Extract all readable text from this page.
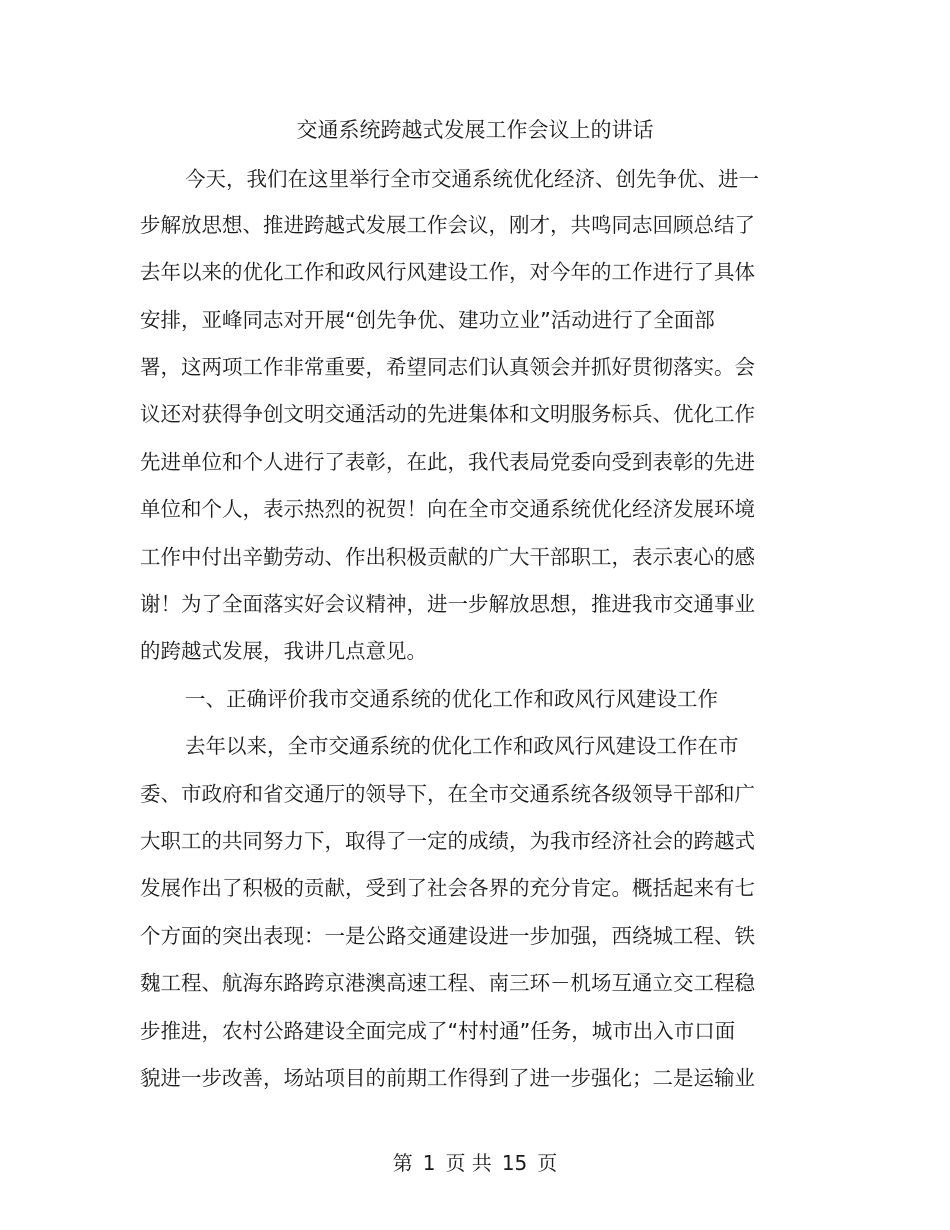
交通系统跨越式发展工作会议上的讲话

今天，我们在这里举行全市交通系统优化经济、创先争优、进一

步解放思想、推进跨越式发展工作会议，刚才，共鸣同志回顾总结了

去年以来的优化工作和政风行风建设工作，对今年的工作进行了具体

安排，亚峰同志对开展“创先争优、建功立业”活动进行了全面部

署，这两项工作非常重要，希望同志们认真领会并抓好贯彻落实。会

议还对获得争创文明交通活动的先进集体和文明服务标兵、优化工作

先进单位和个人进行了表彰，在此，我代表局党委向受到表彰的先进

单位和个人，表示热烈的祝贺！向在全市交通系统优化经济发展环境

工作中付出辛勤劳动、作出积极贡献的广大干部职工，表示衷心的感

谢！为了全面落实好会议精神，进一步解放思想，推进我市交通事业

的跨越式发展，我讲几点意见。

一、正确评价我市交通系统的优化工作和政风行风建设工作

去年以来，全市交通系统的优化工作和政风行风建设工作在市

委、市政府和省交通厅的领导下，在全市交通系统各级领导干部和广

大职工的共同努力下，取得了一定的成绩，为我市经济社会的跨越式

发展作出了积极的贡献，受到了社会各界的充分肯定。概括起来有七

个方面的突出表现：一是公路交通建设进一步加强，西绕城工程、铁

魏工程、航海东路跨京港澳高速工程、南三环－机场互通立交工程稳

步推进，农村公路建设全面完成了“村村通”任务，城市出入市口面

貌进一步改善，场站项目的前期工作得到了进一步强化；二是运输业

第 1 页 共 15 页
